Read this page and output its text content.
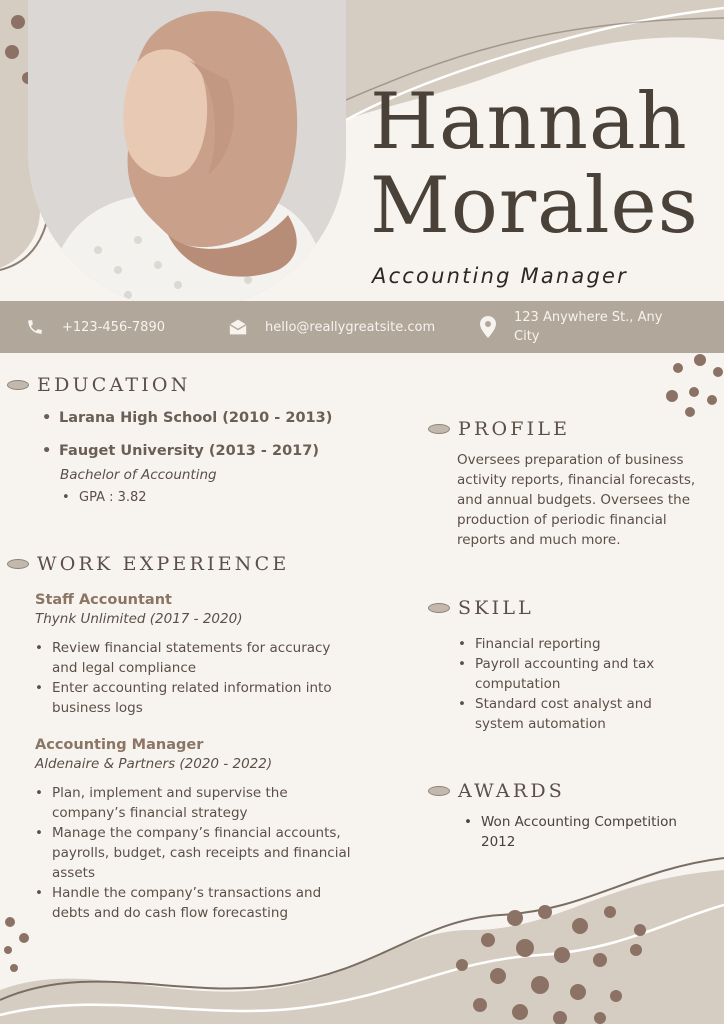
Hannah
Morales
Accounting Manager
+123-456-7890	hello@reallygreatsite.com
123 Anywhere St., Any
City
EDUCATION
• Larana High School (2010 - 2013)
• Fauget University (2013 - 2017)
Bachelor of Accounting
• GPA : 3.82
WORK EXPERIENCE
Staff Accountant
Thynk Unlimited (2017 - 2020)
• Review financial statements for accuracy and legal compliance
• Enter accounting related information into business logs
Accounting Manager
Aldenaire & Partners (2020 - 2022)
• Plan, implement and supervise the company’s financial strategy
• Manage the company’s financial accounts, payrolls, budget, cash receipts and financial assets
• Handle the company’s transactions and debts and do cash flow forecasting
PROFILE
Oversees preparation of business activity reports, financial forecasts, and annual budgets. Oversees the production of periodic financial reports and much more.
SKILL
• Financial reporting
• Payroll accounting and tax computation
• Standard cost analyst and system automation
AWARDS
• Won Accounting Competition 2012
